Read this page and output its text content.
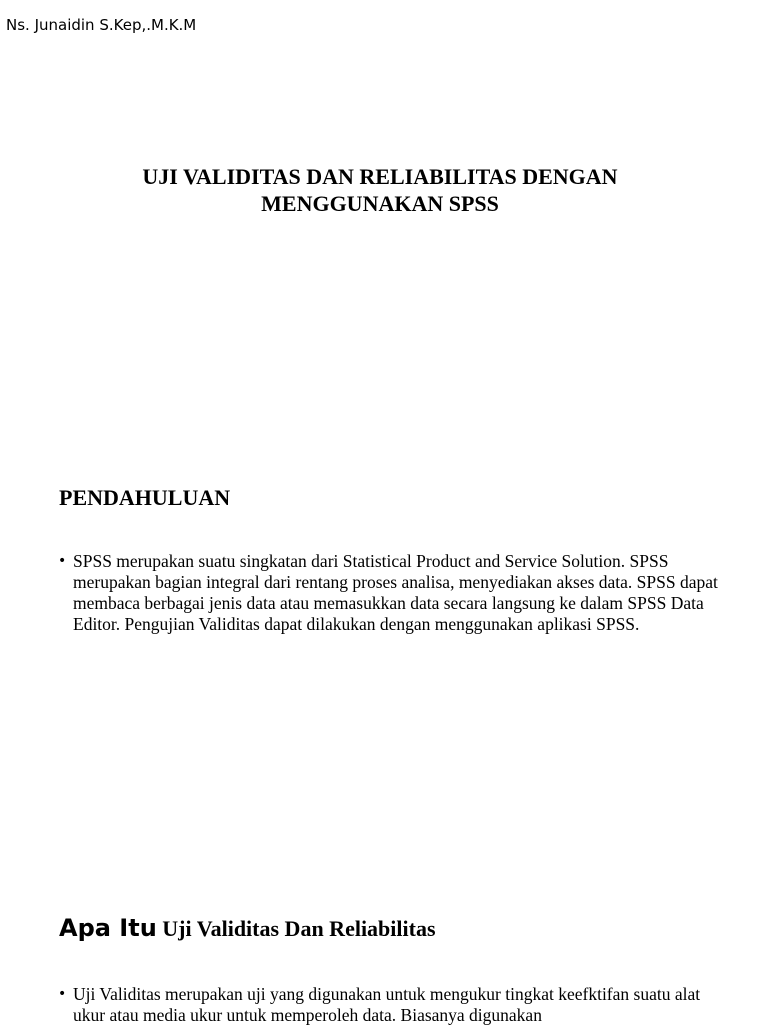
Ns. Junaidin S.Kep,.M.K.M
UJI VALIDITAS DAN RELIABILITAS DENGAN
MENGGUNAKAN SPSS
PENDAHULUAN
• SPSS merupakan suatu singkatan dari Statistical Product and Service Solution. SPSS merupakan bagian integral dari rentang proses analisa, menyediakan akses data. SPSS dapat membaca berbagai jenis data atau memasukkan data secara langsung ke dalam SPSS Data Editor. Pengujian Validitas dapat dilakukan dengan menggunakan aplikasi SPSS.
Apa Itu Uji Validitas Dan Reliabilitas
• Uji Validitas merupakan uji yang digunakan untuk mengukur tingkat keefktifan suatu alat ukur atau media ukur untuk memperoleh data. Biasanya digunakan
